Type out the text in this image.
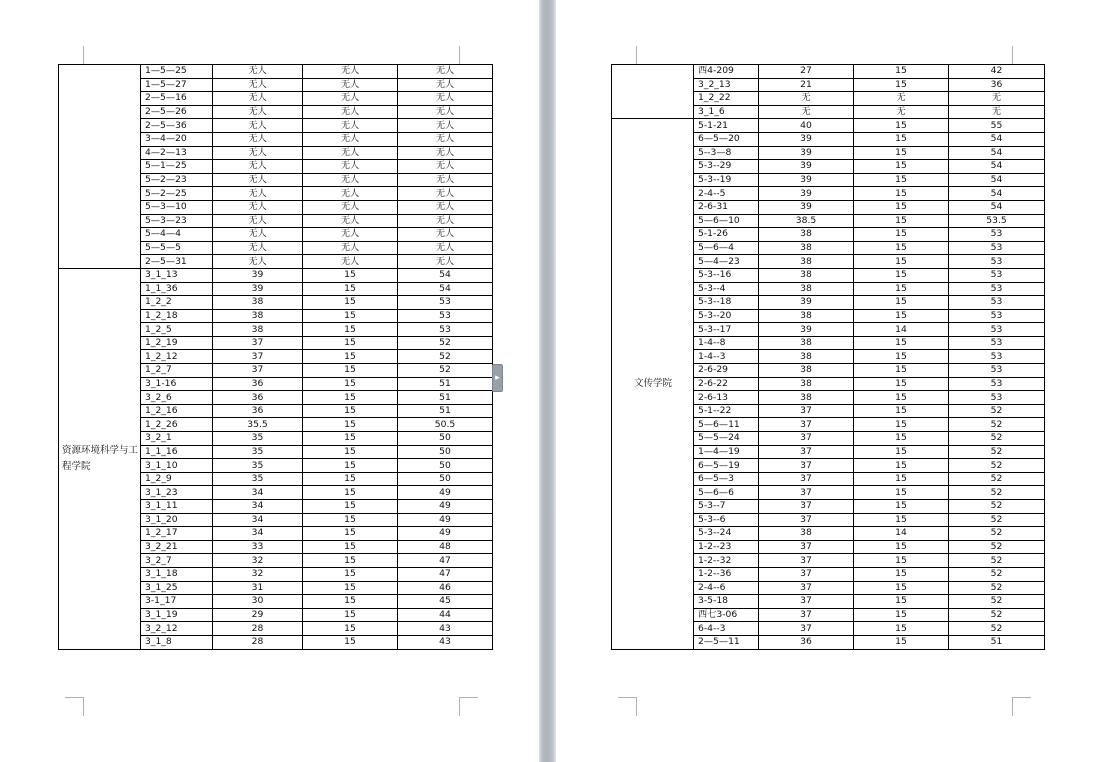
	1—5—25	无人	无人	无人
	1—5—27	无人	无人	无人
	2—5—16	无人	无人	无人
	2—5—26	无人	无人	无人
	2—5—36	无人	无人	无人
	3—4—20	无人	无人	无人
	4—2—13	无人	无人	无人
	5—1—25	无人	无人	无人
	5—2—23	无人	无人	无人
	5—2—25	无人	无人	无人
	5—3—10	无人	无人	无人
	5—3—23	无人	无人	无人
	5—4—4	无人	无人	无人
	5—5—5	无人	无人	无人
	2—5—31	无人	无人	无人
资源环境科学与工程学院	3_1_13	39	15	54
	1_1_36	39	15	54
	1_2_2	38	15	53
	1_2_18	38	15	53
	1_2_5	38	15	53
	1_2_19	37	15	52
	1_2_12	37	15	52
	1_2_7	37	15	52
	3_1-16	36	15	51
	3_2_6	36	15	51
	1_2_16	36	15	51
	1_2_26	35.5	15	50.5
	3_2_1	35	15	50
	1_1_16	35	15	50
	3_1_10	35	15	50
	1_2_9	35	15	50
	3_1_23	34	15	49
	3_1_11	34	15	49
	3_1_20	34	15	49
	1_2_17	34	15	49
	3_2_21	33	15	48
	3_2_7	32	15	47
	3_1_18	32	15	47
	3_1_25	31	15	46
	3-1_17	30	15	45
	3_1_19	29	15	44
	3_2_12	28	15	43
	3_1_8	28	15	43
▸
	西4-209	27	15	42
	3_2_13	21	15	36
	1_2_22	无	无	无
	3_1_6	无	无	无
文传学院	5-1-21	40	15	55
	6—5—20	39	15	54
	5--3—8	39	15	54
	5-3--29	39	15	54
	5-3--19	39	15	54
	2-4--5	39	15	54
	2-6-31	39	15	54
	5—6—10	38.5	15	53.5
	5-1-26	38	15	53
	5—6—4	38	15	53
	5—4—23	38	15	53
	5-3--16	38	15	53
	5-3--4	38	15	53
	5-3--18	39	15	53
	5-3--20	38	15	53
	5-3--17	39	14	53
	1-4--8	38	15	53
	1-4--3	38	15	53
	2-6-29	38	15	53
	2-6-22	38	15	53
	2-6-13	38	15	53
	5-1--22	37	15	52
	5—6—11	37	15	52
	5—5—24	37	15	52
	1—4—19	37	15	52
	6—5—19	37	15	52
	6—5—3	37	15	52
	5—6—6	37	15	52
	5-3--7	37	15	52
	5-3--6	37	15	52
	5-3--24	38	14	52
	1-2--23	37	15	52
	1-2--32	37	15	52
	1-2--36	37	15	52
	2-4--6	37	15	52
	3-5-18	37	15	52
	西七3-06	37	15	52
	6-4--3	37	15	52
	2—5—11	36	15	51
